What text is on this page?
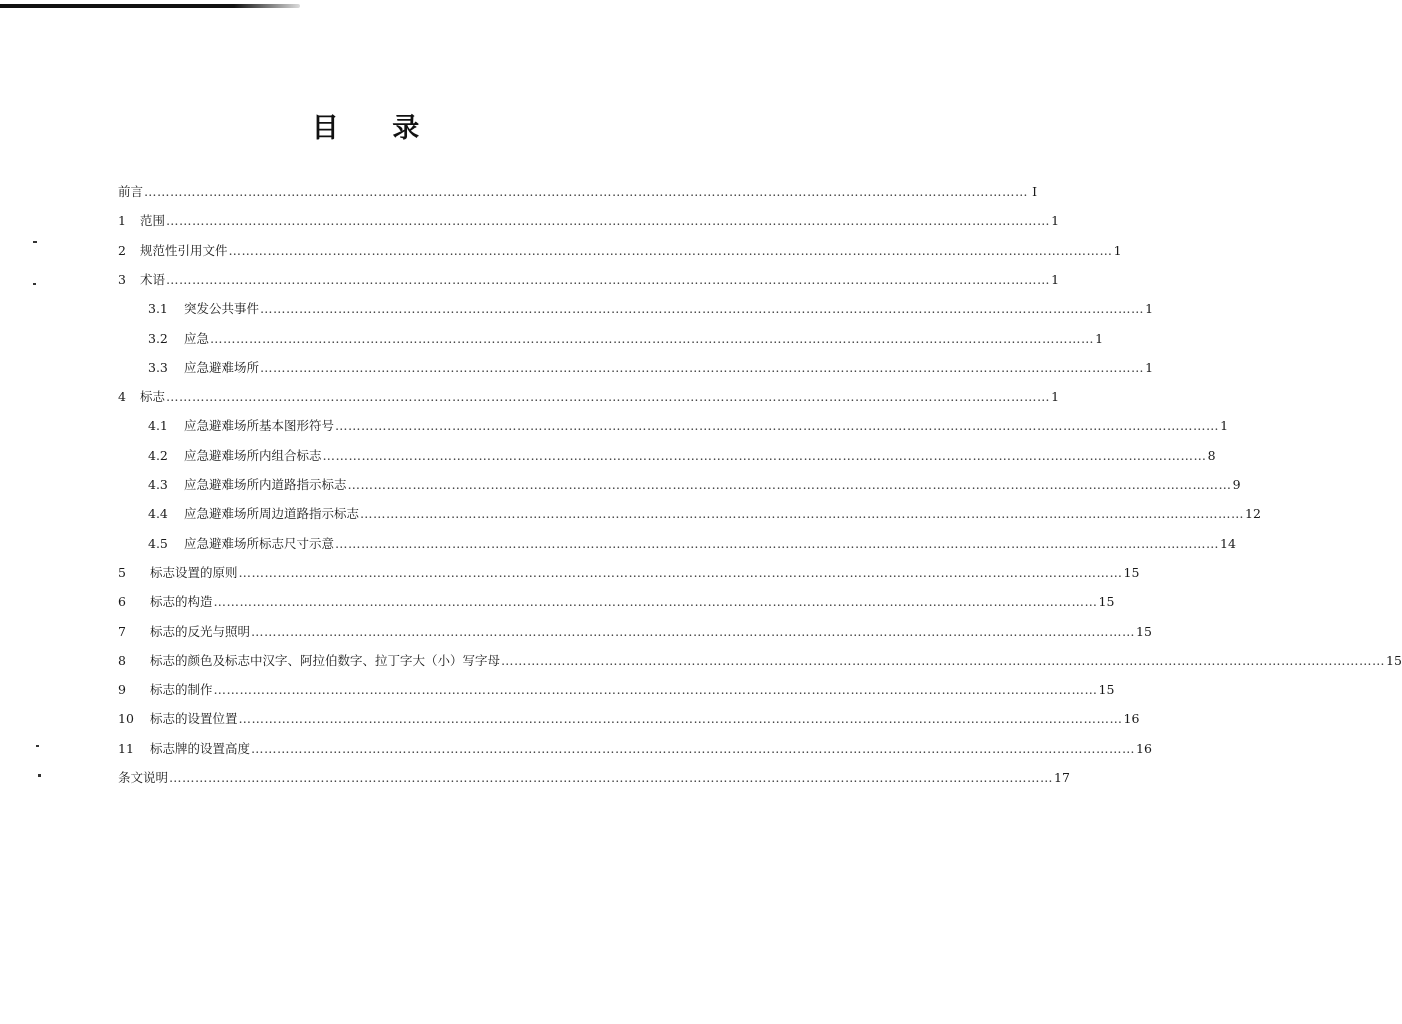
目 录
前言 …………………………………………………………………………………………………………………………………………………………………………………… I
1	范围 …………………………………………………………………………………………………………………………………………………………………………………… 1
2	规范性引用文件 …………………………………………………………………………………………………………………………………………………………………………………… 1
3	术语 …………………………………………………………………………………………………………………………………………………………………………………… 1
3.1	突发公共事件 …………………………………………………………………………………………………………………………………………………………………………………… 1
3.2	应急 …………………………………………………………………………………………………………………………………………………………………………………… 1
3.3	应急避难场所 …………………………………………………………………………………………………………………………………………………………………………………… 1
4	标志 …………………………………………………………………………………………………………………………………………………………………………………… 1
4.1	应急避难场所基本图形符号 …………………………………………………………………………………………………………………………………………………………………………………… 1
4.2	应急避难场所内组合标志 …………………………………………………………………………………………………………………………………………………………………………………… 8
4.3	应急避难场所内道路指示标志 …………………………………………………………………………………………………………………………………………………………………………………… 9
4.4	应急避难场所周边道路指示标志 …………………………………………………………………………………………………………………………………………………………………………………… 12
4.5	应急避难场所标志尺寸示意 …………………………………………………………………………………………………………………………………………………………………………………… 14
5	标志设置的原则 …………………………………………………………………………………………………………………………………………………………………………………… 15
6	标志的构造 …………………………………………………………………………………………………………………………………………………………………………………… 15
7	标志的反光与照明 …………………………………………………………………………………………………………………………………………………………………………………… 15
8	标志的颜色及标志中汉字、阿拉伯数字、拉丁字大（小）写字母 …………………………………………………………………………………………………………………………………………………………………………………… 15
9	标志的制作 …………………………………………………………………………………………………………………………………………………………………………………… 15
10	标志的设置位置 …………………………………………………………………………………………………………………………………………………………………………………… 16
11	标志牌的设置高度 …………………………………………………………………………………………………………………………………………………………………………………… 16
条文说明 …………………………………………………………………………………………………………………………………………………………………………………… 17
